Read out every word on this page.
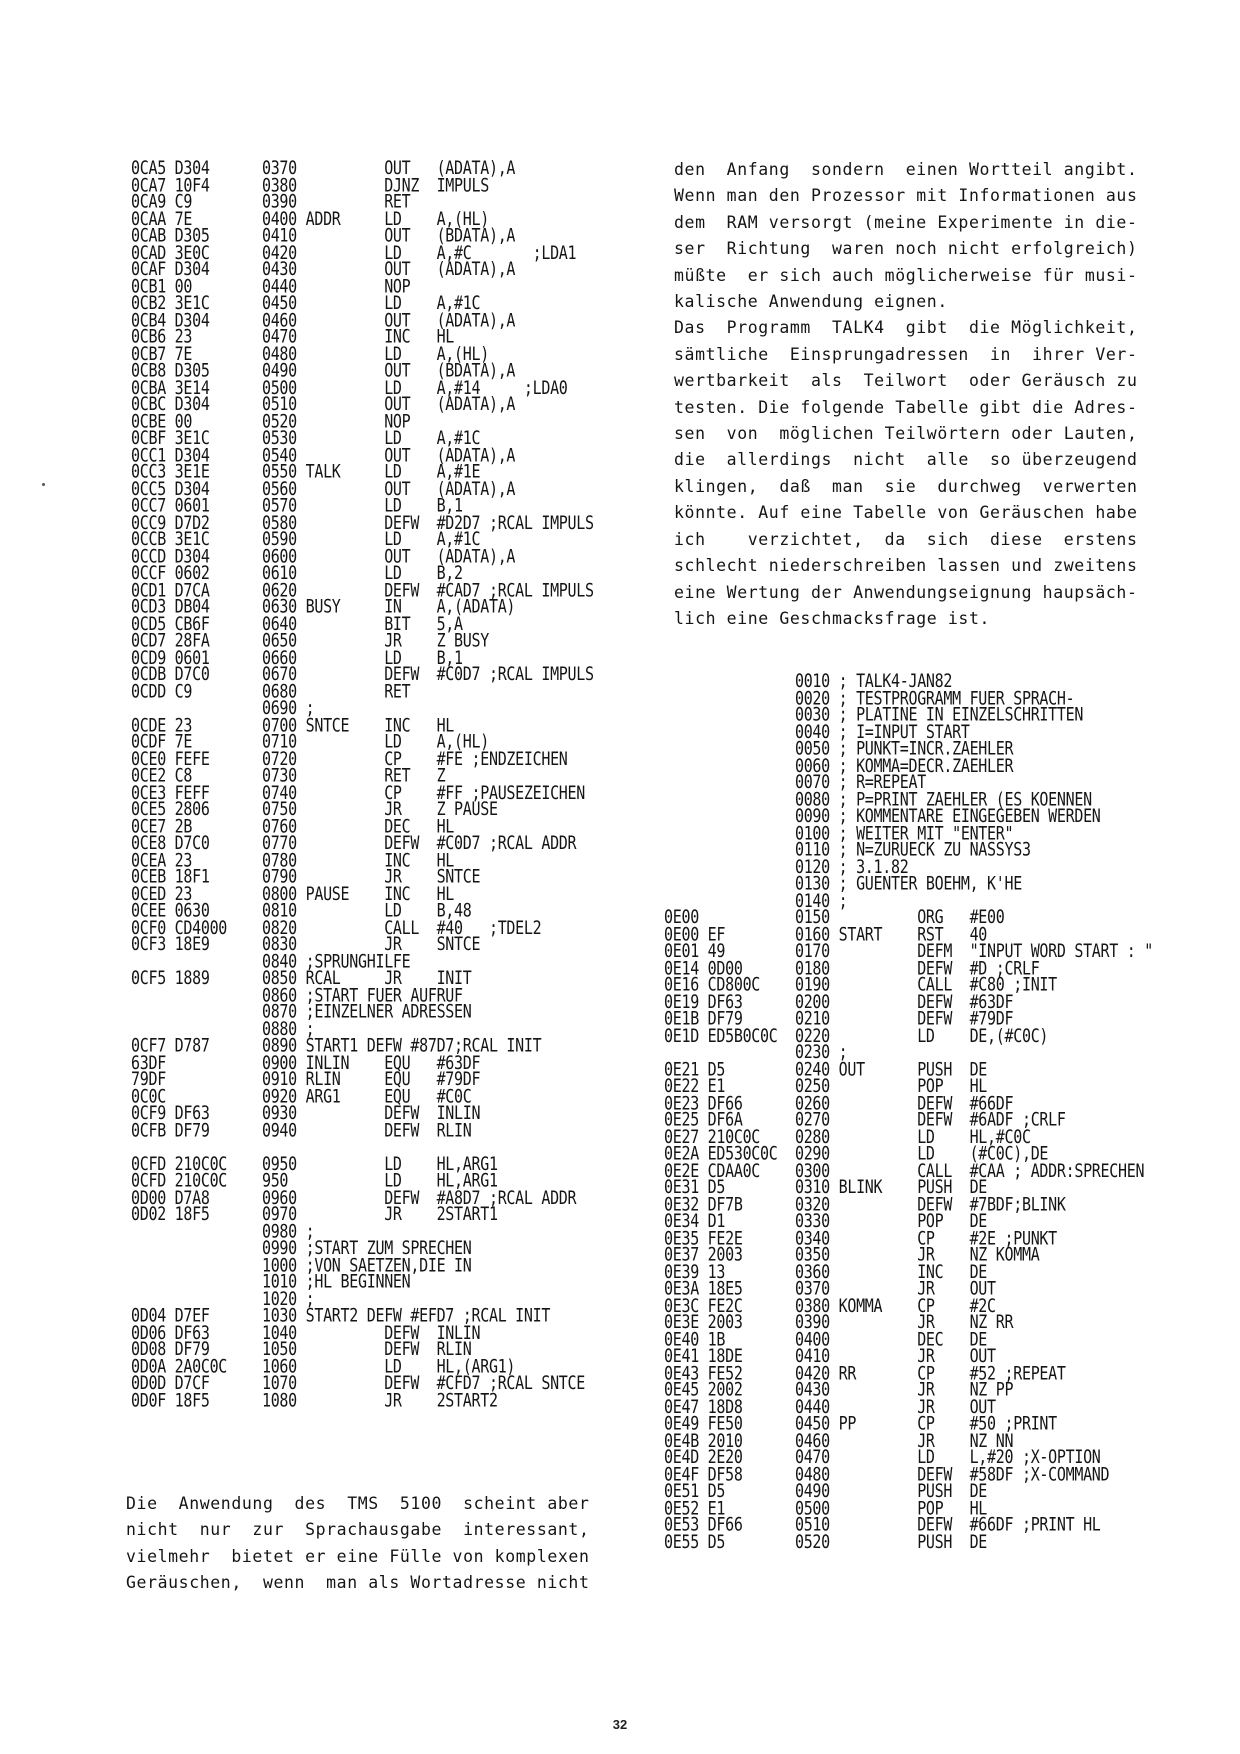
0CA5 D304      0370          OUT   (ADATA),A
0CA7 10F4      0380          DJNZ  IMPULS
0CA9 C9        0390          RET
0CAA 7E        0400 ADDR     LD    A,(HL)
0CAB D305      0410          OUT   (BDATA),A
0CAD 3E0C      0420          LD    A,#C       ;LDA1
0CAF D304      0430          OUT   (ADATA),A
0CB1 00        0440          NOP
0CB2 3E1C      0450          LD    A,#1C
0CB4 D304      0460          OUT   (ADATA),A
0CB6 23        0470          INC   HL
0CB7 7E        0480          LD    A,(HL)
0CB8 D305      0490          OUT   (BDATA),A
0CBA 3E14      0500          LD    A,#14     ;LDA0
0CBC D304      0510          OUT   (ADATA),A
0CBE 00        0520          NOP
0CBF 3E1C      0530          LD    A,#1C
0CC1 D304      0540          OUT   (ADATA),A
0CC3 3E1E      0550 TALK     LD    A,#1E
0CC5 D304      0560          OUT   (ADATA),A
0CC7 0601      0570          LD    B,1
0CC9 D7D2      0580          DEFW  #D2D7 ;RCAL IMPULS
0CCB 3E1C      0590          LD    A,#1C
0CCD D304      0600          OUT   (ADATA),A
0CCF 0602      0610          LD    B,2
0CD1 D7CA      0620          DEFW  #CAD7 ;RCAL IMPULS
0CD3 DB04      0630 BUSY     IN    A,(ADATA)
0CD5 CB6F      0640          BIT   5,A
0CD7 28FA      0650          JR    Z BUSY
0CD9 0601      0660          LD    B,1
0CDB D7C0      0670          DEFW  #C0D7 ;RCAL IMPULS
0CDD C9        0680          RET
0690 ;
0CDE 23        0700 SNTCE    INC   HL
0CDF 7E        0710          LD    A,(HL)
0CE0 FEFE      0720          CP    #FE ;ENDZEICHEN
0CE2 C8        0730          RET   Z
0CE3 FEFF      0740          CP    #FF ;PAUSEZEICHEN
0CE5 2806      0750          JR    Z PAUSE
0CE7 2B        0760          DEC   HL
0CE8 D7C0      0770          DEFW  #C0D7 ;RCAL ADDR
0CEA 23        0780          INC   HL
0CEB 18F1      0790          JR    SNTCE
0CED 23        0800 PAUSE    INC   HL
0CEE 0630      0810          LD    B,48
0CF0 CD4000    0820          CALL  #40   ;TDEL2
0CF3 18E9      0830          JR    SNTCE
0840 ;SPRUNGHILFE
0CF5 1889      0850 RCAL     JR    INIT
0860 ;START FUER AUFRUF
0870 ;EINZELNER ADRESSEN
0880 ;
0CF7 D787      0890 START1 DEFW #87D7;RCAL INIT
63DF           0900 INLIN    EQU   #63DF
79DF           0910 RLIN     EQU   #79DF
0C0C           0920 ARG1     EQU   #C0C
0CF9 DF63      0930          DEFW  INLIN
0CFB DF79      0940          DEFW  RLIN

0CFD 210C0C    0950          LD    HL,ARG1
0CFD 210C0C    950           LD    HL,ARG1
0D00 D7A8      0960          DEFW  #A8D7 ;RCAL ADDR
0D02 18F5      0970          JR    2START1
0980 ;
0990 ;START ZUM SPRECHEN
1000 ;VON SAETZEN,DIE IN
1010 ;HL BEGINNEN
1020 ;
0D04 D7EF      1030 START2 DEFW #EFD7 ;RCAL INIT
0D06 DF63      1040          DEFW  INLIN
0D08 DF79      1050          DEFW  RLIN
0D0A 2A0C0C    1060          LD    HL,(ARG1)
0D0D D7CF      1070          DEFW  #CFD7 ;RCAL SNTCE
0D0F 18F5      1080          JR    2START2

0010 ; TALK4-JAN82
0020 ; TESTPROGRAMM FUER SPRACH-
0030 ; PLATINE IN EINZELSCHRITTEN
0040 ; I=INPUT START
0050 ; PUNKT=INCR.ZAEHLER
0060 ; KOMMA=DECR.ZAEHLER
0070 ; R=REPEAT
0080 ; P=PRINT ZAEHLER (ES KOENNEN
0090 ; KOMMENTARE EINGEGEBEN WERDEN
0100 ; WEITER MIT "ENTER"
0110 ; N=ZURUECK ZU NASSYS3
0120 ; 3.1.82
0130 ; GUENTER BOEHM, K'HE
0140 ;
0E00           0150          ORG   #E00
0E00 EF        0160 START    RST   40
0E01 49        0170          DEFM  "INPUT WORD START : "
0E14 0D00      0180          DEFW  #D ;CRLF
0E16 CD800C    0190          CALL  #C80 ;INIT
0E19 DF63      0200          DEFW  #63DF
0E1B DF79      0210          DEFW  #79DF
0E1D ED5B0C0C  0220          LD    DE,(#C0C)
0230 ;
0E21 D5        0240 OUT      PUSH  DE
0E22 E1        0250          POP   HL
0E23 DF66      0260          DEFW  #66DF
0E25 DF6A      0270          DEFW  #6ADF ;CRLF
0E27 210C0C    0280          LD    HL,#C0C
0E2A ED530C0C  0290          LD    (#C0C),DE
0E2E CDAA0C    0300          CALL  #CAA ; ADDR:SPRECHEN
0E31 D5        0310 BLINK    PUSH  DE
0E32 DF7B      0320          DEFW  #7BDF;BLINK
0E34 D1        0330          POP   DE
0E35 FE2E      0340          CP    #2E ;PUNKT
0E37 2003      0350          JR    NZ KOMMA
0E39 13        0360          INC   DE
0E3A 18E5      0370          JR    OUT
0E3C FE2C      0380 KOMMA    CP    #2C
0E3E 2003      0390          JR    NZ RR
0E40 1B        0400          DEC   DE
0E41 18DE      0410          JR    OUT
0E43 FE52      0420 RR       CP    #52 ;REPEAT
0E45 2002      0430          JR    NZ PP
0E47 18D8      0440          JR    OUT
0E49 FE50      0450 PP       CP    #50 ;PRINT
0E4B 2010      0460          JR    NZ NN
0E4D 2E20      0470          LD    L,#20 ;X-OPTION
0E4F DF58      0480          DEFW  #58DF ;X-COMMAND
0E51 D5        0490          PUSH  DE
0E52 E1        0500          POP   HL
0E53 DF66      0510          DEFW  #66DF ;PRINT HL
0E55 D5        0520          PUSH  DE

den  Anfang  sondern  einen Wortteil angibt.
Wenn man den Prozessor mit Informationen aus
dem  RAM versorgt (meine Experimente in die-
ser  Richtung  waren noch nicht erfolgreich)
müßte  er sich auch möglicherweise für musi-
kalische Anwendung eignen.
Das  Programm  TALK4  gibt  die Möglichkeit,
sämtliche  Einsprungadressen  in  ihrer Ver-
wertbarkeit  als  Teilwort  oder Geräusch zu
testen. Die folgende Tabelle gibt die Adres-
sen  von  möglichen Teilwörtern oder Lauten,
die  allerdings  nicht  alle  so überzeugend
klingen,  daß  man  sie  durchweg  verwerten
könnte. Auf eine Tabelle von Geräuschen habe
ich    verzichtet,  da  sich  diese  erstens
schlecht niederschreiben lassen und zweitens
eine Wertung der Anwendungseignung haupsäch-
lich eine Geschmacksfrage ist.

Die  Anwendung  des  TMS  5100  scheint aber
nicht  nur  zur  Sprachausgabe  interessant,
vielmehr  bietet er eine Fülle von komplexen
Geräuschen,  wenn  man als Wortadresse nicht

32
